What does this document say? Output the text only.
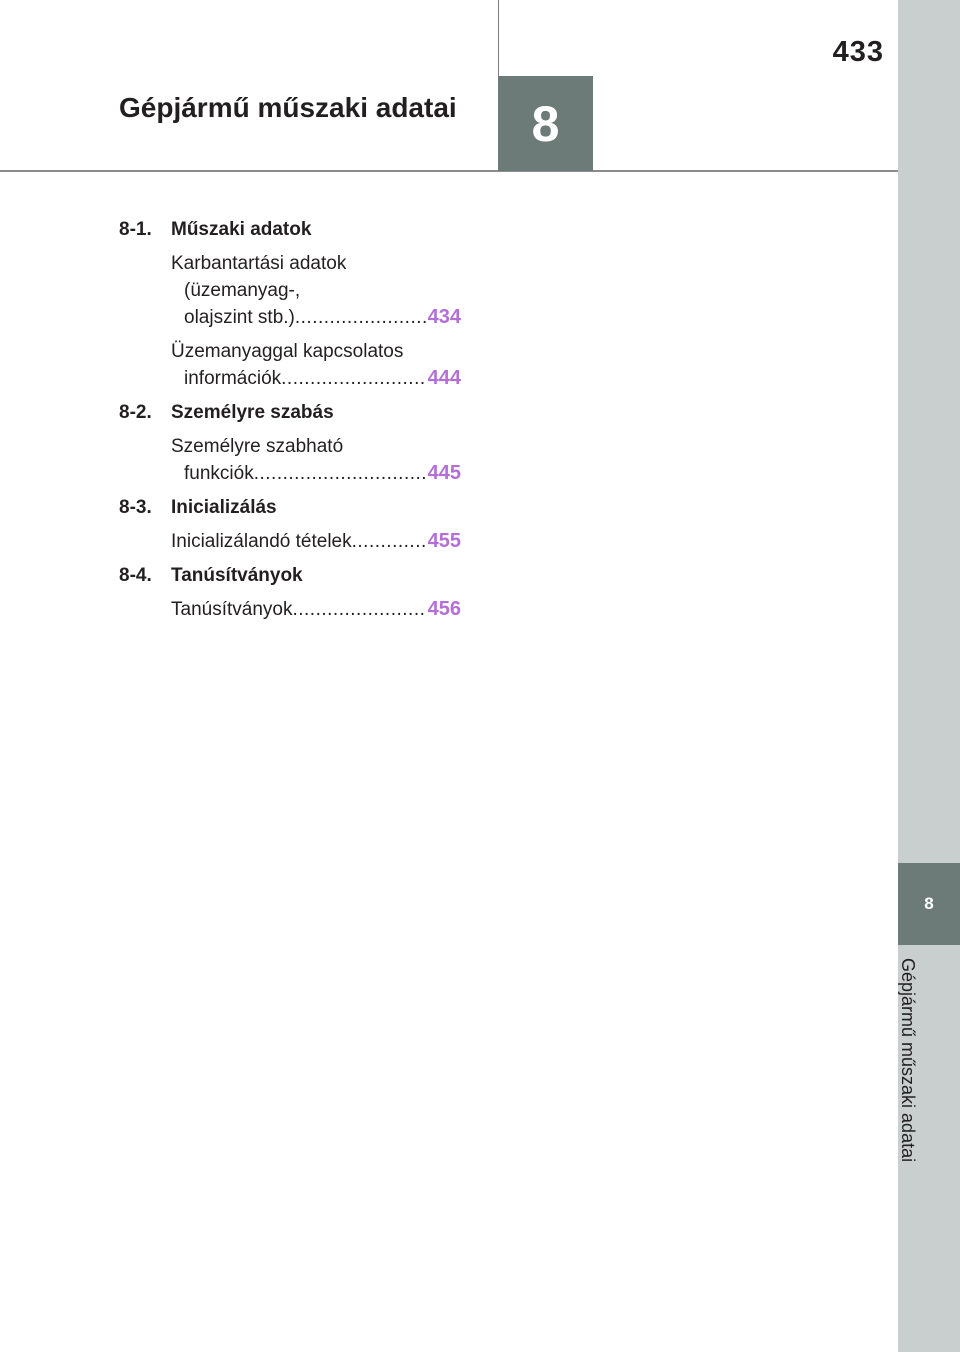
433
Gépjármű műszaki adatai	8
8
Gépjármű műszaki adatai
8-1.	Műszaki adatok
Karbantartási adatok
(üzemanyag-,
olajszint stb.) .....	434
Üzemanyaggal kapcsolatos
információk .....	444
8-2.	Személyre szabás
Személyre szabható
funkciók .....	445
8-3.	Inicializálás
Inicializálandó tételek .....	455
8-4.	Tanúsítványok
Tanúsítványok .....	456
